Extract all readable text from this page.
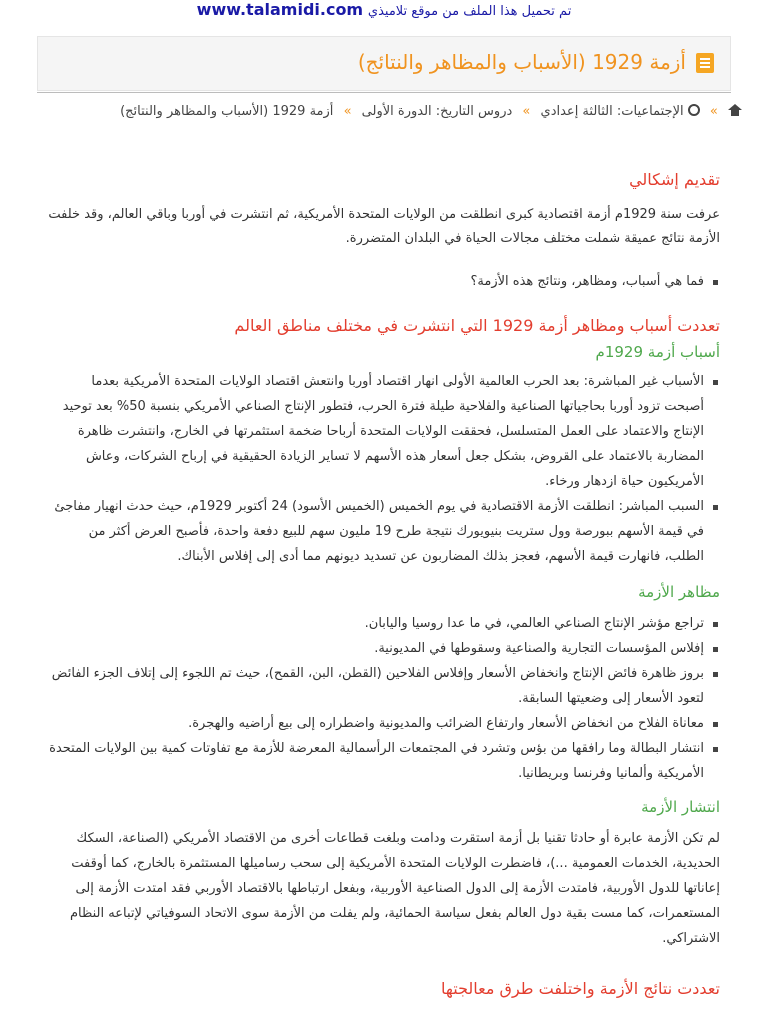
www.talamidi.com تم تحميل هذا الملف من موقع تلاميذي
أزمة 1929 (الأسباب والمظاهر والنتائج)
»  الإجتماعيات: الثالثة إعدادي » دروس التاريخ: الدورة الأولى » أزمة 1929 (الأسباب والمظاهر والنتائج)
تقديم إشكالي

عرفت سنة 1929م أزمة اقتصادية كبرى انطلقت من الولايات المتحدة الأمريكية، ثم انتشرت في أوربا وباقي العالم، وقد خلفت الأزمة نتائج عميقة شملت مختلف مجالات الحياة في البلدان المتضررة.

فما هي أسباب، ومظاهر، ونتائج هذه الأزمة؟
تعددت أسباب ومظاهر أزمة 1929 التي انتشرت في مختلف مناطق العالم
أسباب أزمة 1929م
الأسباب غير المباشرة: بعد الحرب العالمية الأولى انهار اقتصاد أوربا وانتعش اقتصاد الولايات المتحدة الأمريكية بعدما أصبحت تزود أوربا بحاجياتها الصناعية والفلاحية طيلة فترة الحرب، فتطور الإنتاج الصناعي الأمريكي بنسبة 50% بعد توحيد الإنتاج والاعتماد على العمل المتسلسل، فحققت الولايات المتحدة أرباحا ضخمة استثمرتها في الخارج، وانتشرت ظاهرة المضاربة بالاعتماد على القروض، بشكل جعل أسعار هذه الأسهم لا تساير الزيادة الحقيقية في إرباح الشركات، وعاش الأمريكيون حياة ازدهار ورخاء.
السبب المباشر: انطلقت الأزمة الاقتصادية في يوم الخميس (الخميس الأسود) 24 أكتوبر 1929م، حيث حدث انهيار مفاجئ في قيمة الأسهم ببورصة وول ستريت بنيويورك نتيجة طرح 19 مليون سهم للبيع دفعة واحدة، فأصبح العرض أكثر من الطلب، فانهارت قيمة الأسهم، فعجز بذلك المضاربون عن تسديد ديونهم مما أدى إلى إفلاس الأبناك.
مظاهر الأزمة
تراجع مؤشر الإنتاج الصناعي العالمي، في ما عدا روسيا واليابان.
إفلاس المؤسسات التجارية والصناعية وسقوطها في المديونية.
بروز ظاهرة فائض الإنتاج وانخفاض الأسعار وإفلاس الفلاحين (القطن، البن، القمح)، حيث تم اللجوء إلى إتلاف الجزء الفائض لتعود الأسعار إلى وضعيتها السابقة.
معاناة الفلاح من انخفاض الأسعار وارتفاع الضرائب والمديونية واضطراره إلى بيع أراضيه والهجرة.
انتشار البطالة وما رافقها من بؤس وتشرد في المجتمعات الرأسمالية المعرضة للأزمة مع تفاوتات كمية بين الولايات المتحدة الأمريكية وألمانيا وفرنسا وبريطانيا.
انتشار الأزمة

لم تكن الأزمة عابرة أو حادثا تقنيا بل أزمة استقرت ودامت وبلغت قطاعات أخرى من الاقتصاد الأمريكي (الصناعة، السكك الحديدية، الخدمات العمومية ...)، فاضطرت الولايات المتحدة الأمريكية إلى سحب رساميلها المستثمرة بالخارج، كما أوقفت إعاناتها للدول الأوربية، فامتدت الأزمة إلى الدول الصناعية الأوربية، وبفعل ارتباطها بالاقتصاد الأوربي فقد امتدت الأزمة إلى المستعمرات، كما مست بقية دول العالم بفعل سياسة الحمائية، ولم يفلت من الأزمة سوى الاتحاد السوفياتي لإتباعه النظام الاشتراكي.

تعددت نتائج الأزمة واختلفت طرق معالجتها
